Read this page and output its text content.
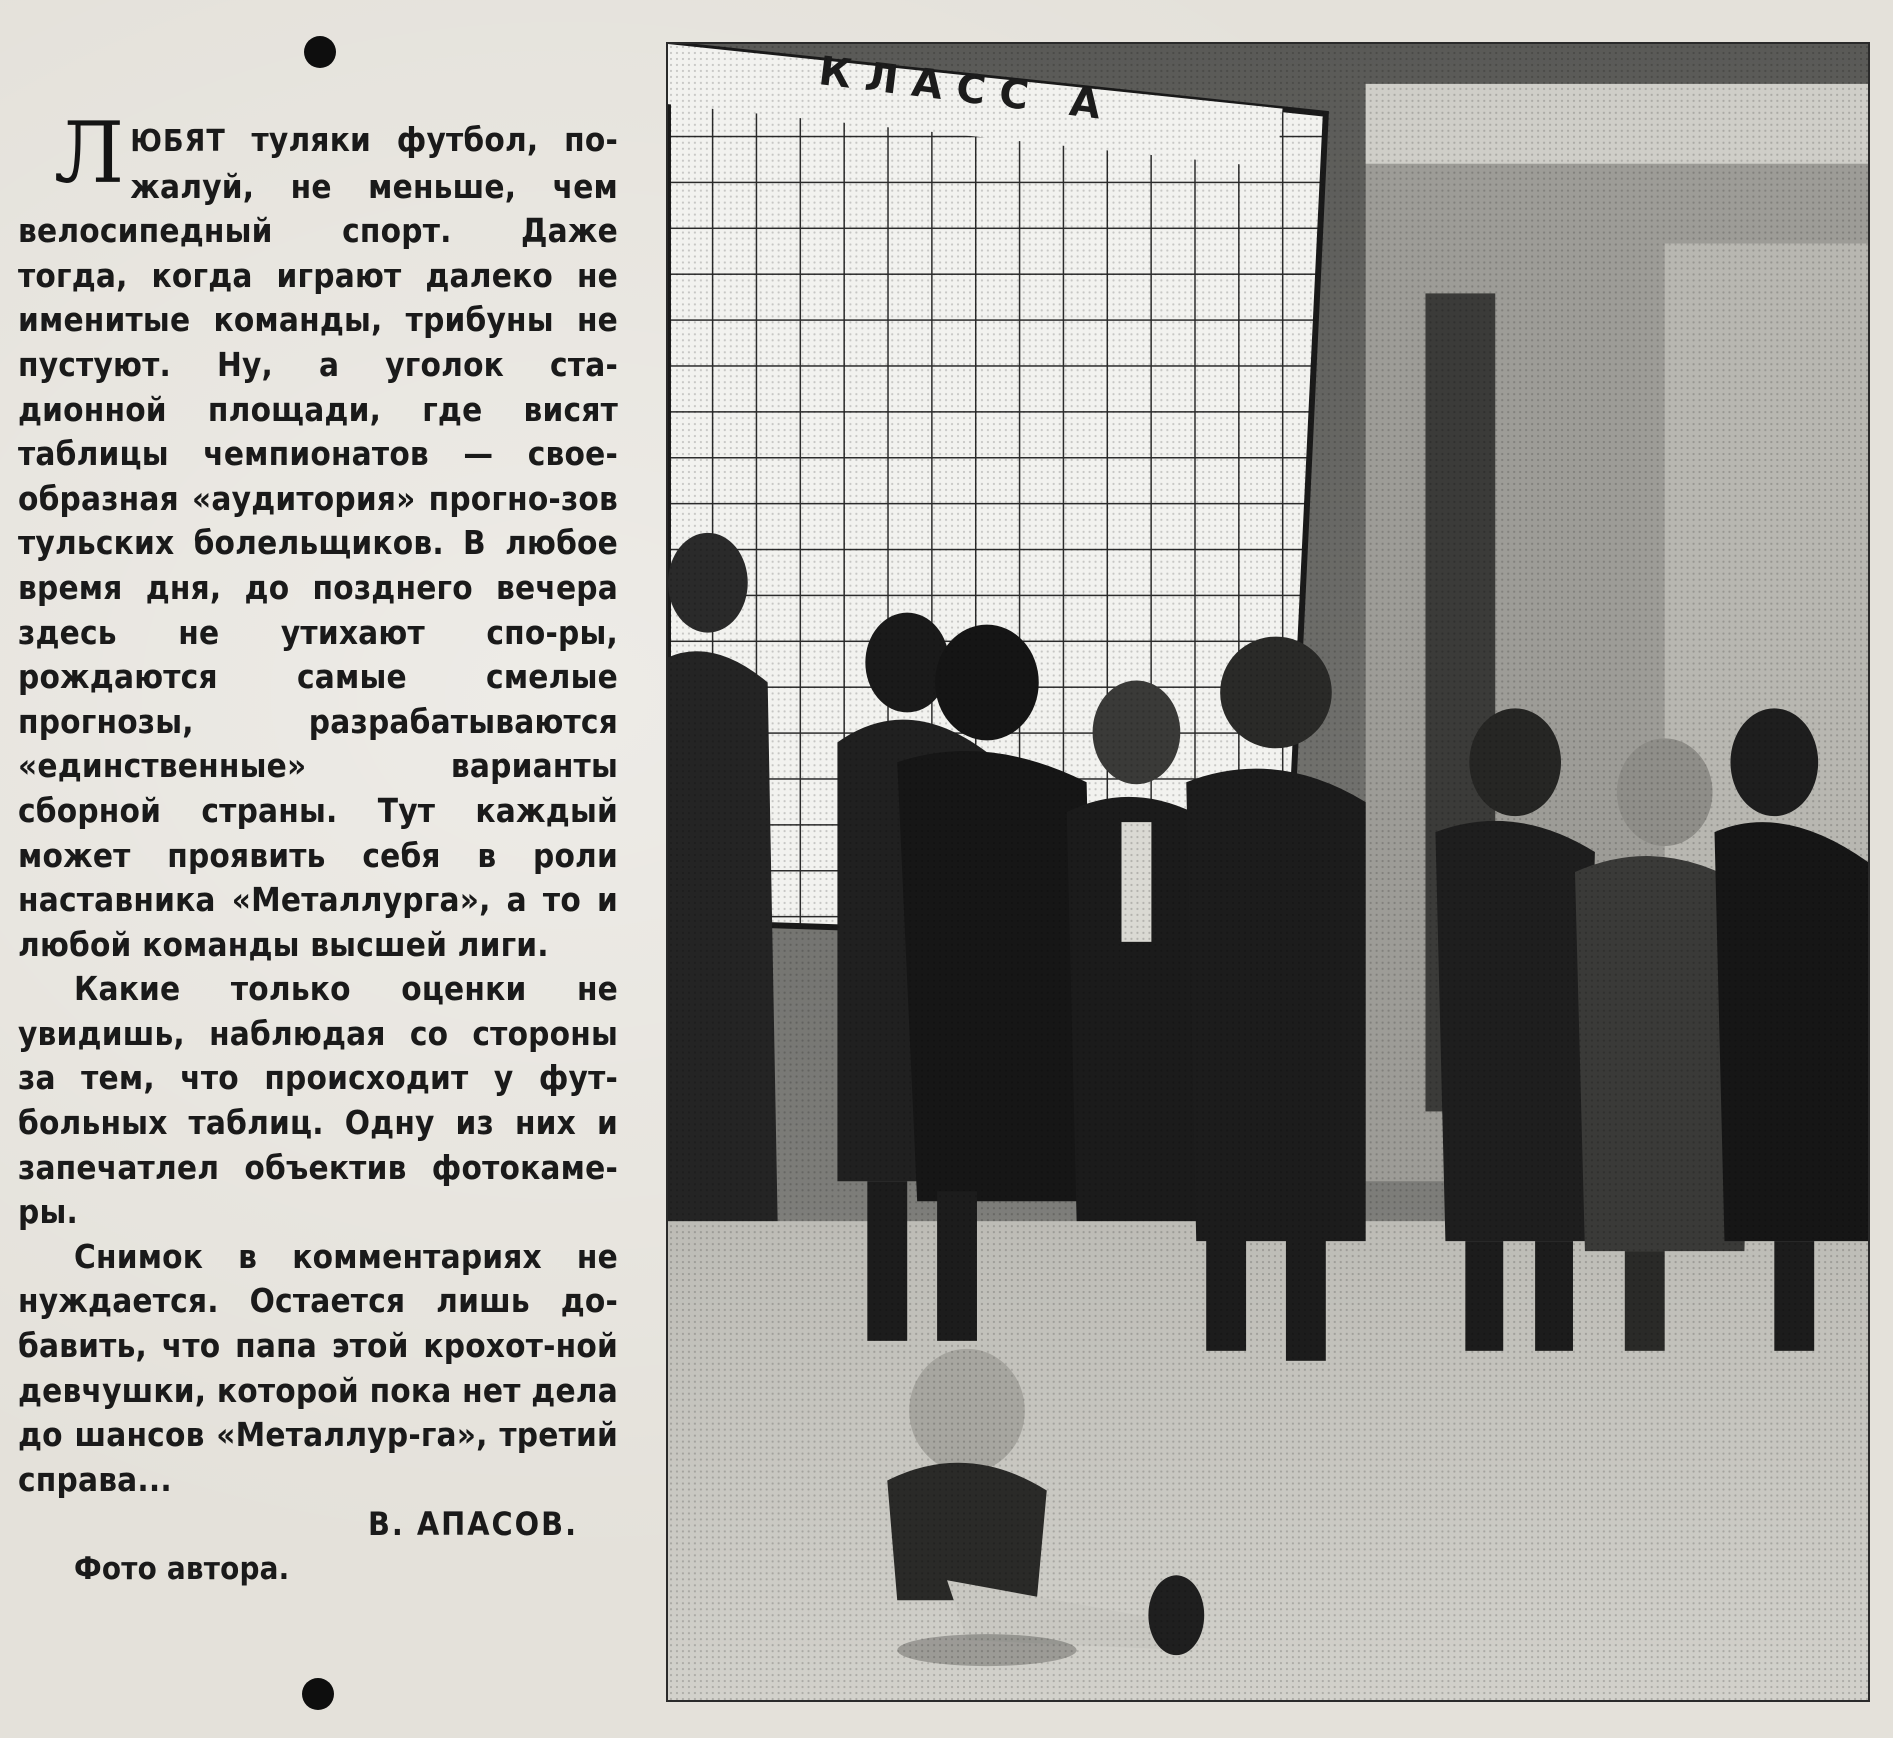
ЛЮБЯТ туляки футбол, по-жалуй, не меньше, чем велосипедный спорт. Даже тогда, когда играют далеко не именитые команды, трибуны не пустуют. Ну, а уголок ста-дионной площади, где висят таблицы чемпионатов — свое-образная «аудитория» прогно-зов тульских болельщиков. В любое время дня, до позднего вечера здесь не утихают спо-ры, рождаются самые смелые прогнозы, разрабатываются «единственные» варианты сборной страны. Тут каждый может проявить себя в роли наставника «Металлурга», а то и любой команды высшей лиги.

Какие только оценки не увидишь, наблюдая со стороны за тем, что происходит у фут-больных таблиц. Одну из них и запечатлел объектив фотокаме-ры.

Снимок в комментариях не нуждается. Остается лишь до-бавить, что папа этой крохот-ной девчушки, которой пока нет дела до шансов «Металлур-га», третий справа...

В. АПАСОВ.

Фото автора.
